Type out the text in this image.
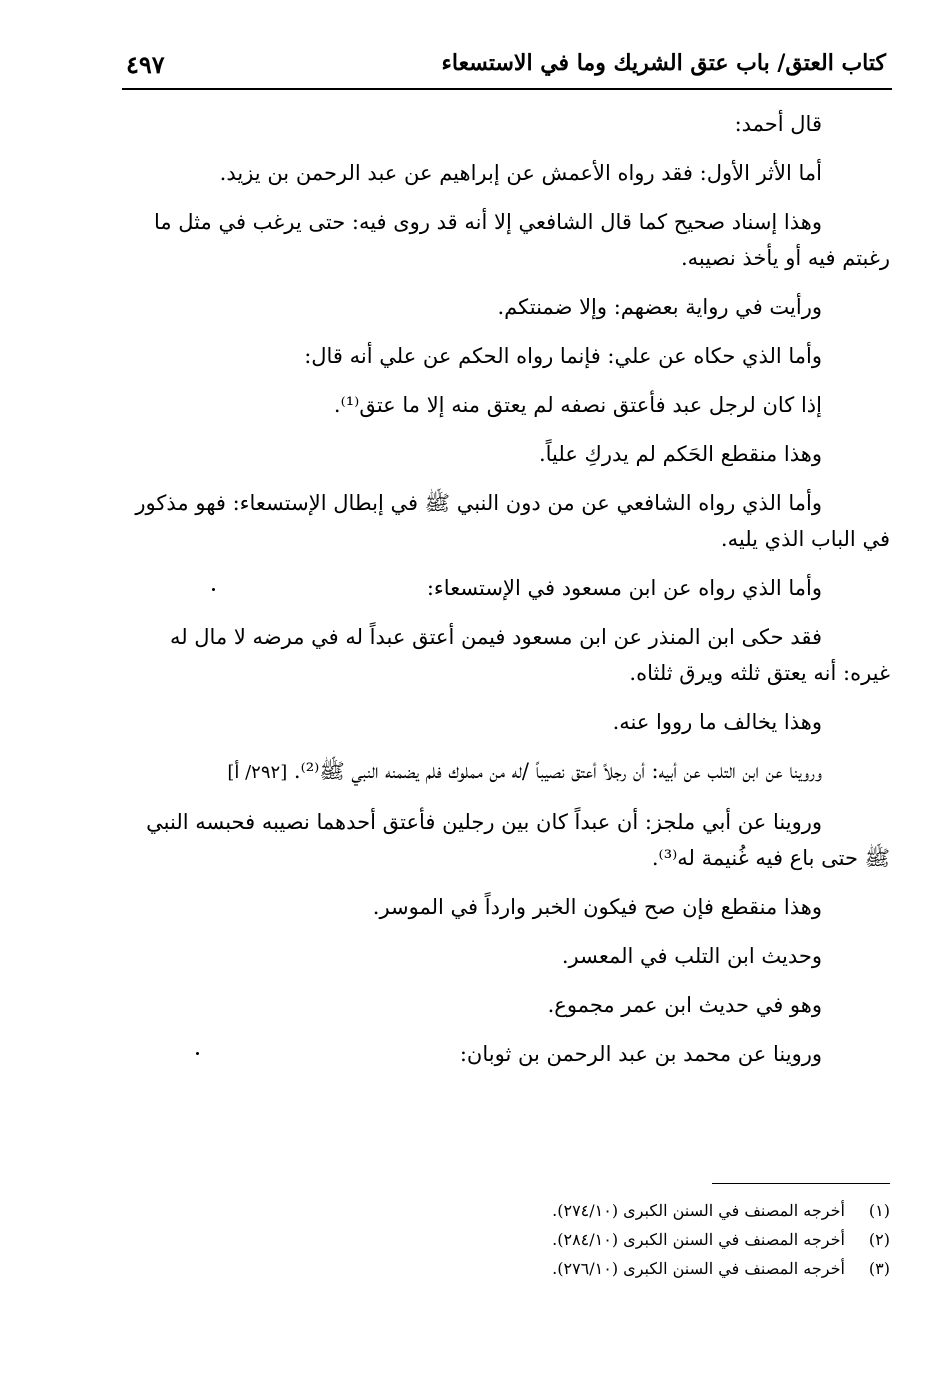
كتاب العتق/ باب عتق الشريك وما في الاستسعاء
٤٩٧

قال أحمد:

أما الأثر الأول: فقد رواه الأعمش عن إبراهيم عن عبد الرحمن بن يزيد.

وهذا إسناد صحيح كما قال الشافعي إلا أنه قد روى فيه: حتى يرغب في مثل ما رغبتم فيه أو يأخذ نصيبه.

ورأيت في رواية بعضهم: وإلا ضمنتكم.

وأما الذي حكاه عن علي: فإنما رواه الحكم عن علي أنه قال:

إذا كان لرجل عبد فأعتق نصفه لم يعتق منه إلا ما عتق⁽¹⁾.

وهذا منقطع الحَكم لم يدركِ علياً.

وأما الذي رواه الشافعي عن من دون النبي ﷺ في إبطال الإستسعاء: فهو مذكور في الباب الذي يليه.

وأما الذي رواه عن ابن مسعود في الإستسعاء:

فقد حكى ابن المنذر عن ابن مسعود فيمن أعتق عبداً له في مرضه لا مال له غيره: أنه يعتق ثلثه ويرق ثلثاه.

وهذا يخالف ما رووا عنه.

وروينا عن ابن التلب عن أبيه: أن رجلاً أعتق نصيباً /له من مملوك فلم يضمنه النبي ﷺ⁽²⁾. [٢٩٢/ أ]

وروينا عن أبي ملجز: أن عبداً كان بين رجلين فأعتق أحدهما نصيبه فحبسه النبي ﷺ حتى باع فيه غُنيمة له⁽³⁾.

وهذا منقطع فإن صح فيكون الخبر وارداً في الموسر.

وحديث ابن التلب في المعسر.

وهو في حديث ابن عمر مجموع.

وروينا عن محمد بن عبد الرحمن بن ثوبان:

(١) أخرجه المصنف في السنن الكبرى (٢٧٤/١٠).
(٢) أخرجه المصنف في السنن الكبرى (٢٨٤/١٠).
(٣) أخرجه المصنف في السنن الكبرى (٢٧٦/١٠).
